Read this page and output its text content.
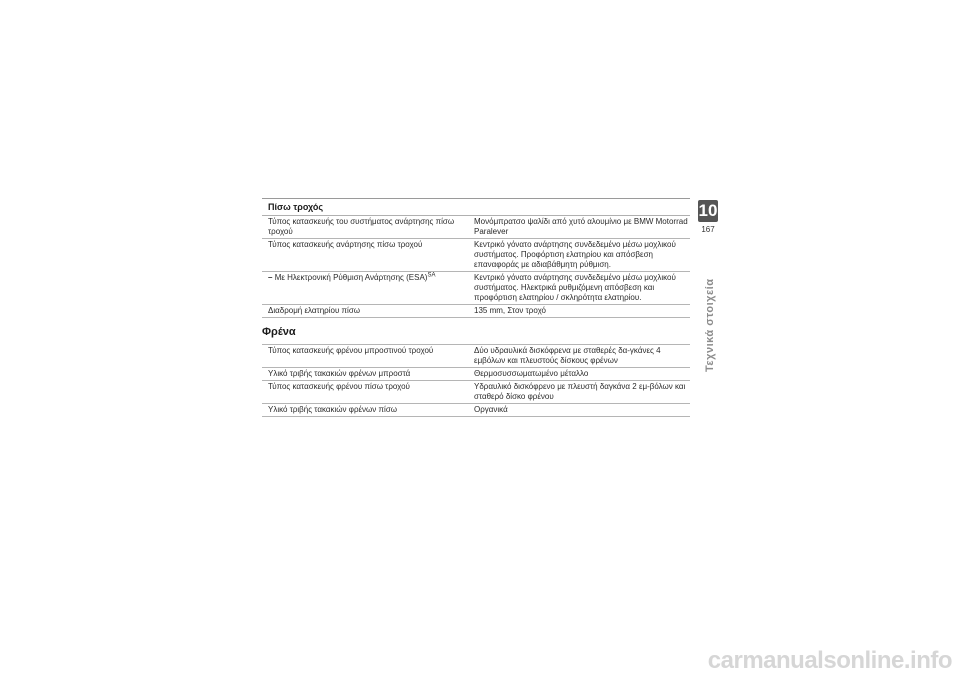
Πίσω τροχός
Τύπος κατασκευής του συστήματος ανάρτησης πίσω τροχού	Μονόμπρατσο ψαλίδι από χυτό αλουμίνιο με BMW Motorrad Paralever
Τύπος κατασκευής ανάρτησης πίσω τροχού	Κεντρικό γόνατο ανάρτησης συνδεδεμένο μέσω μοχλικού συστήματος. Προφόρτιση ελατηρίου και απόσβεση επαναφοράς με αδιαβάθμητη ρύθμιση.
– Με Ηλεκτρονική Ρύθμιση Ανάρτησης (ESA)$^{SA}$	Κεντρικό γόνατο ανάρτησης συνδεδεμένο μέσω μοχλικού συστήματος. Ηλεκτρικά ρυθμιζόμενη απόσβεση και προφόρτιση ελατηρίου / σκληρότητα ελατηρίου.
Διαδρομή ελατηρίου πίσω	135 mm, Στον τροχό
Φρένα
Τύπος κατασκευής φρένου μπροστινού τροχού	Δύο υδραυλικά δισκόφρενα με σταθερές δα-γκάνες 4 εμβόλων και πλευστούς δίσκους φρένων
Υλικό τριβής τακακιών φρένων μπροστά	Θερμοσυσσωματωμένο μέταλλο
Τύπος κατασκευής φρένου πίσω τροχού	Υδραυλικό δισκόφρενο με πλευστή δαγκάνα 2 εμ-βόλων και σταθερό δίσκο φρένου
Υλικό τριβής τακακιών φρένων πίσω	Οργανικά
10
167
Τεχνικά στοιχεία
carmanualsonline.info
